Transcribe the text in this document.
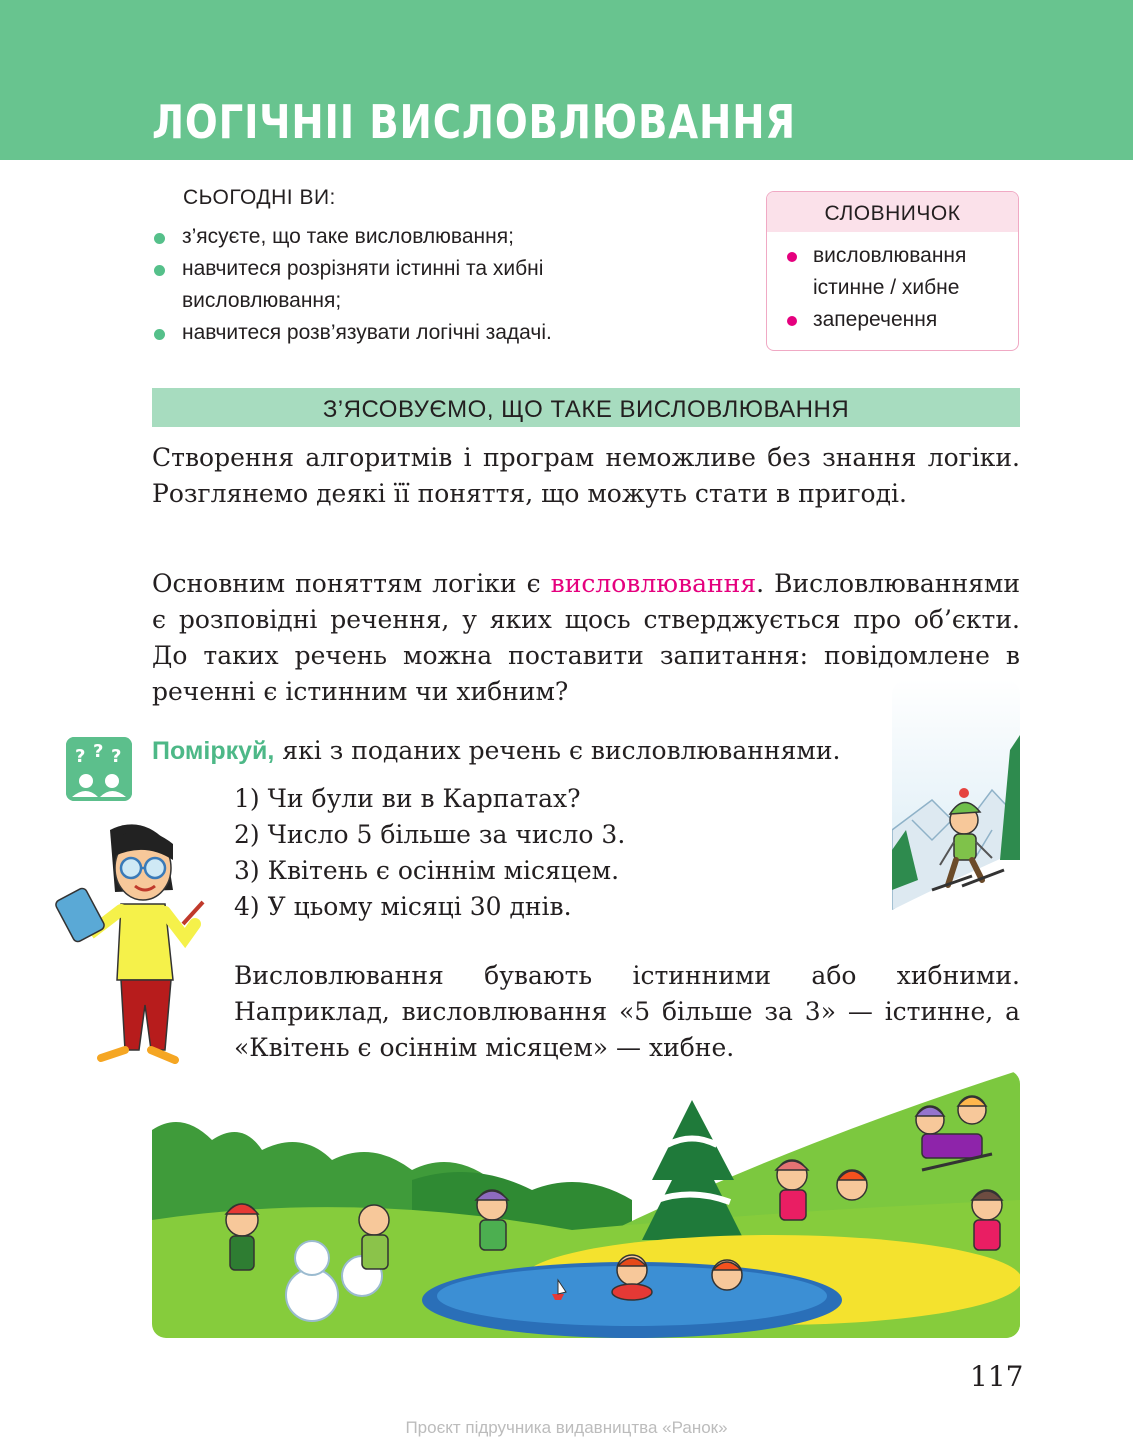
ЛОГІЧНІІ ВИСЛОВЛЮВАННЯ
СЬОГОДНІ ВИ:
з’ясуєте, що таке висловлювання;
навчитеся розрізняти істинні та хибні
висловлювання;
навчитеся розв’язувати логічні задачі.
СЛОВНИЧОК
висловлювання
істинне / хибне
заперечення
З’ЯСОВУЄМО, ЩО ТАКЕ ВИСЛОВЛЮВАННЯ
Створення алгоритмів і програм неможливе без знання логіки. Розглянемо деякі її поняття, що можуть стати в пригоді.
Основним поняттям логіки є висловлювання. Висловлюваннями є розповідні речення, у яких щось стверджується про об’єкти. До таких речень можна поставити запитання: повідомлене в реченні є істинним чи хибним?
? ? ? Поміркуй, які з поданих речень є висловлюваннями.
1) Чи були ви в Карпатах?
2) Число 5 більше за число 3.
3) Квітень є осіннім місяцем.
4) У цьому місяці 30 днів.
Висловлювання бувають істинними або хибними. Наприклад, висловлювання «5 більше за 3» — істинне, а «Квітень є осіннім місяцем» — хибне.
117
Проєкт підручника видавництва «Ранок»
